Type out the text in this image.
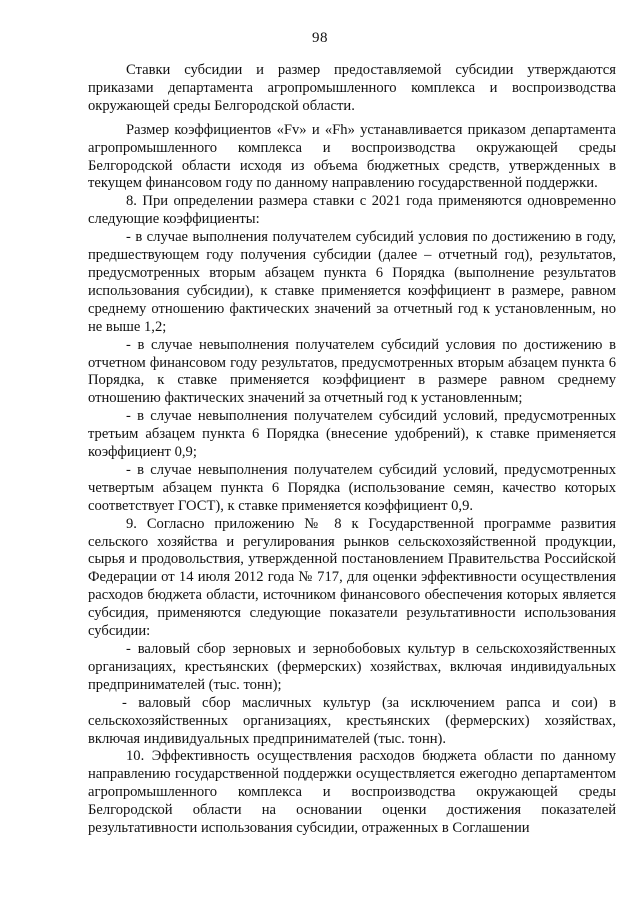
98

Ставки субсидии и размер предоставляемой субсидии утверждаются приказами департамента агропромышленного комплекса и воспроизводства окружающей среды Белгородской области.

Размер коэффициентов «Fv» и «Fh» устанавливается приказом департамента агропромышленного комплекса и воспроизводства окружающей среды Белгородской области исходя из объема бюджетных средств, утвержденных в текущем финансовом году по данному направлению государственной поддержки.

8. При определении размера ставки с 2021 года применяются одновременно следующие коэффициенты:

- в случае выполнения получателем субсидий условия по достижению в году, предшествующем году получения субсидии (далее – отчетный год), результатов, предусмотренных вторым абзацем пункта 6 Порядка (выполнение результатов использования субсидии), к ставке применяется коэффициент в размере, равном среднему отношению фактических значений за отчетный год к установленным, но не выше 1,2;

- в случае невыполнения получателем субсидий условия по достижению в отчетном финансовом году результатов, предусмотренных вторым абзацем пункта 6 Порядка, к ставке применяется коэффициент в размере равном среднему отношению фактических значений за отчетный год к установленным;

- в случае невыполнения получателем субсидий условий, предусмотренных третьим абзацем пункта 6 Порядка (внесение удобрений), к ставке применяется коэффициент 0,9;

- в случае невыполнения получателем субсидий условий, предусмотренных четвертым абзацем пункта 6 Порядка (использование семян, качество которых соответствует ГОСТ), к ставке применяется коэффициент 0,9.

9. Согласно приложению № 8 к Государственной программе развития сельского хозяйства и регулирования рынков сельскохозяйственной продукции, сырья и продовольствия, утвержденной постановлением Правительства Российской Федерации от 14 июля 2012 года № 717, для оценки эффективности осуществления расходов бюджета области, источником финансового обеспечения которых является субсидия, применяются следующие показатели результативности использования субсидии:

- валовый сбор зерновых и зернобобовых культур в сельскохозяйственных организациях, крестьянских (фермерских) хозяйствах, включая индивидуальных предпринимателей (тыс. тонн);

- валовый сбор масличных культур (за исключением рапса и сои) в сельскохозяйственных организациях, крестьянских (фермерских) хозяйствах, включая индивидуальных предпринимателей (тыс. тонн).

10. Эффективность осуществления расходов бюджета области по данному направлению государственной поддержки осуществляется ежегодно департаментом агропромышленного комплекса и воспроизводства окружающей среды Белгородской области на основании оценки достижения показателей результативности использования субсидии, отраженных в Соглашении
